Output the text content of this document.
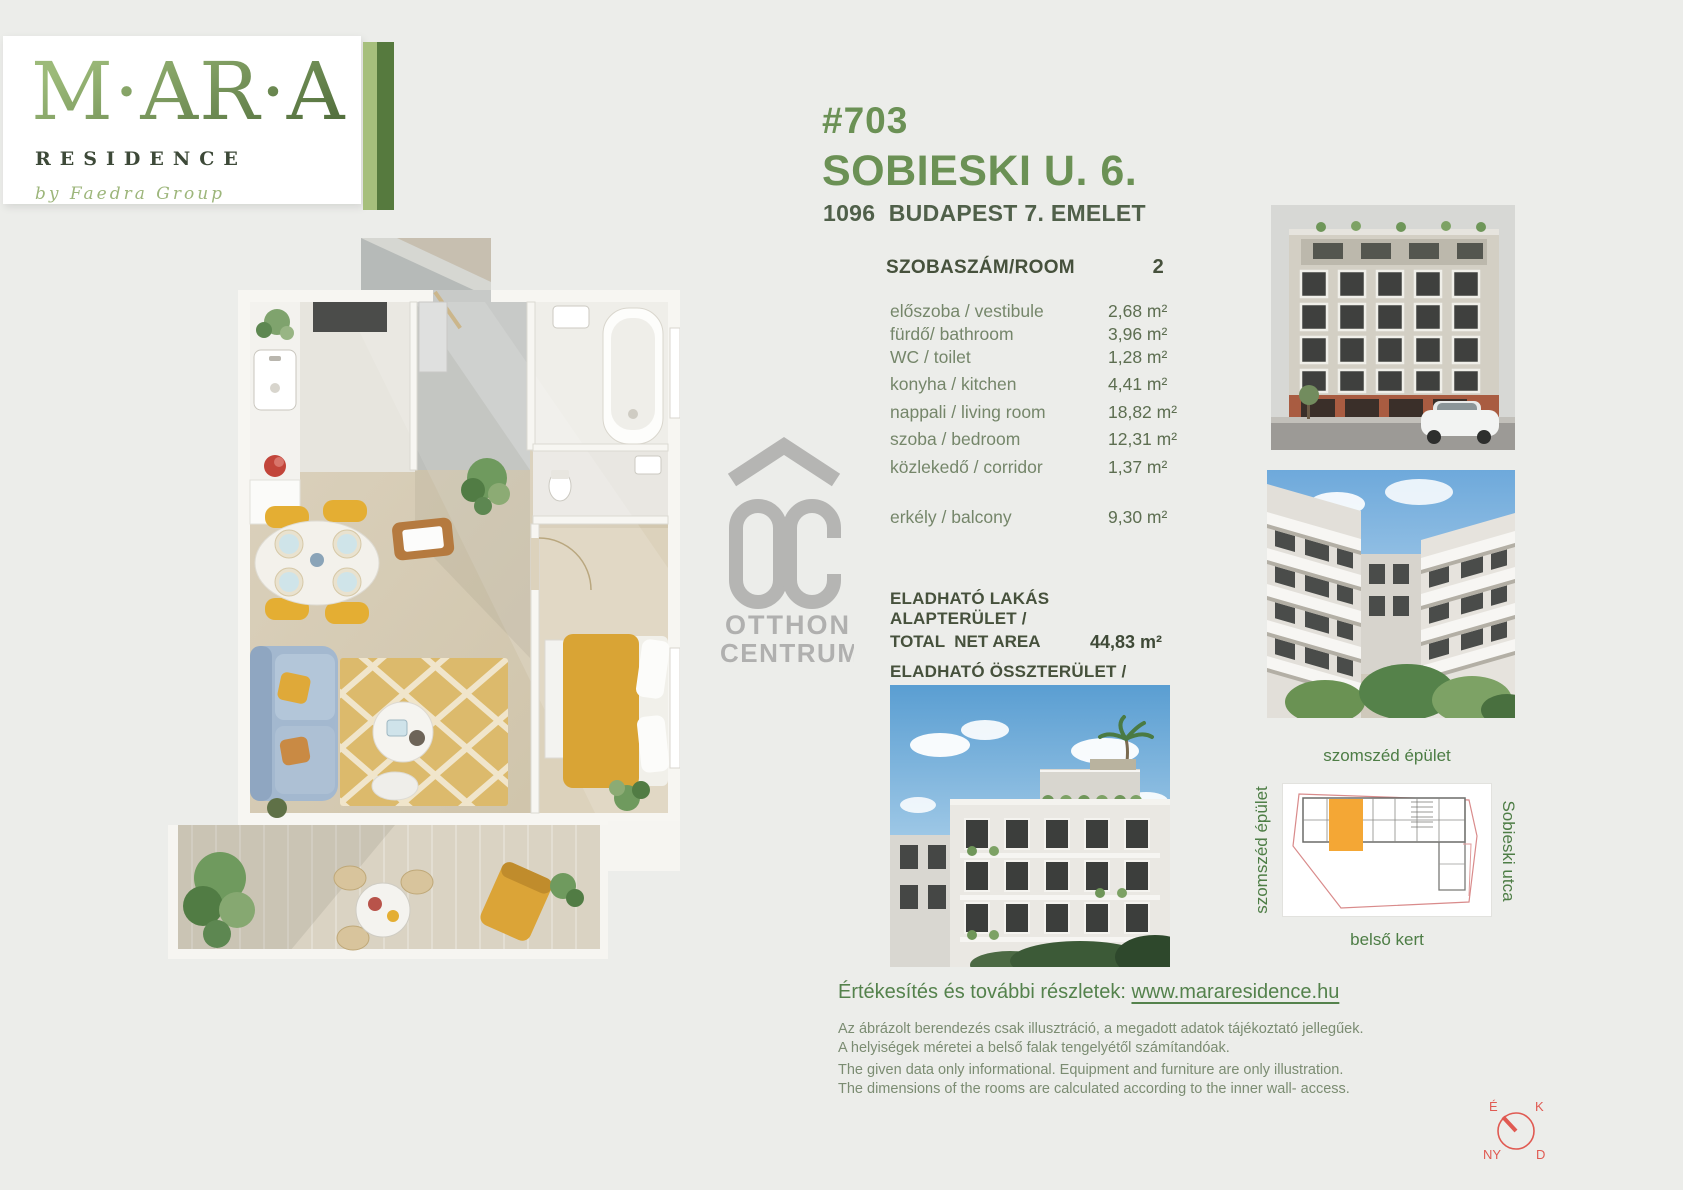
M·AR·A
RESIDENCE
by Faedra Group
#703
SOBIESKI U. 6.
1096  BUDAPEST 7. EMELET
OTTHON
CENTRUM
SZOBASZÁM/ROOM	2
előszoba / vestibule	2,68 m²
fürdő/ bathroom	3,96 m²
WC / toilet	1,28 m²
konyha / kitchen	4,41 m²
nappali / living room	18,82 m²
szoba / bedroom	12,31 m²
közlekedő / corridor	1,37 m²
erkély / balcony	9,30 m²
ELADHATÓ LAKÁS ALAPTERÜLET /
TOTAL  NET AREA	44,83 m²
ELADHATÓ ÖSSZTERÜLET /
szomszéd épület
szomszéd épület	Sobieski utca
belső kert
Értékesítés és további részletek: www.mararesidence.hu
Az ábrázolt berendezés csak illusztráció, a megadott adatok tájékoztató jellegűek.
A helyiségek méretei a belső falak tengelyétől számítandóak.
The given data only informational. Equipment and furniture are only illustration.
The dimensions of the rooms are calculated according to the inner wall- access.
É	K
NY	D
